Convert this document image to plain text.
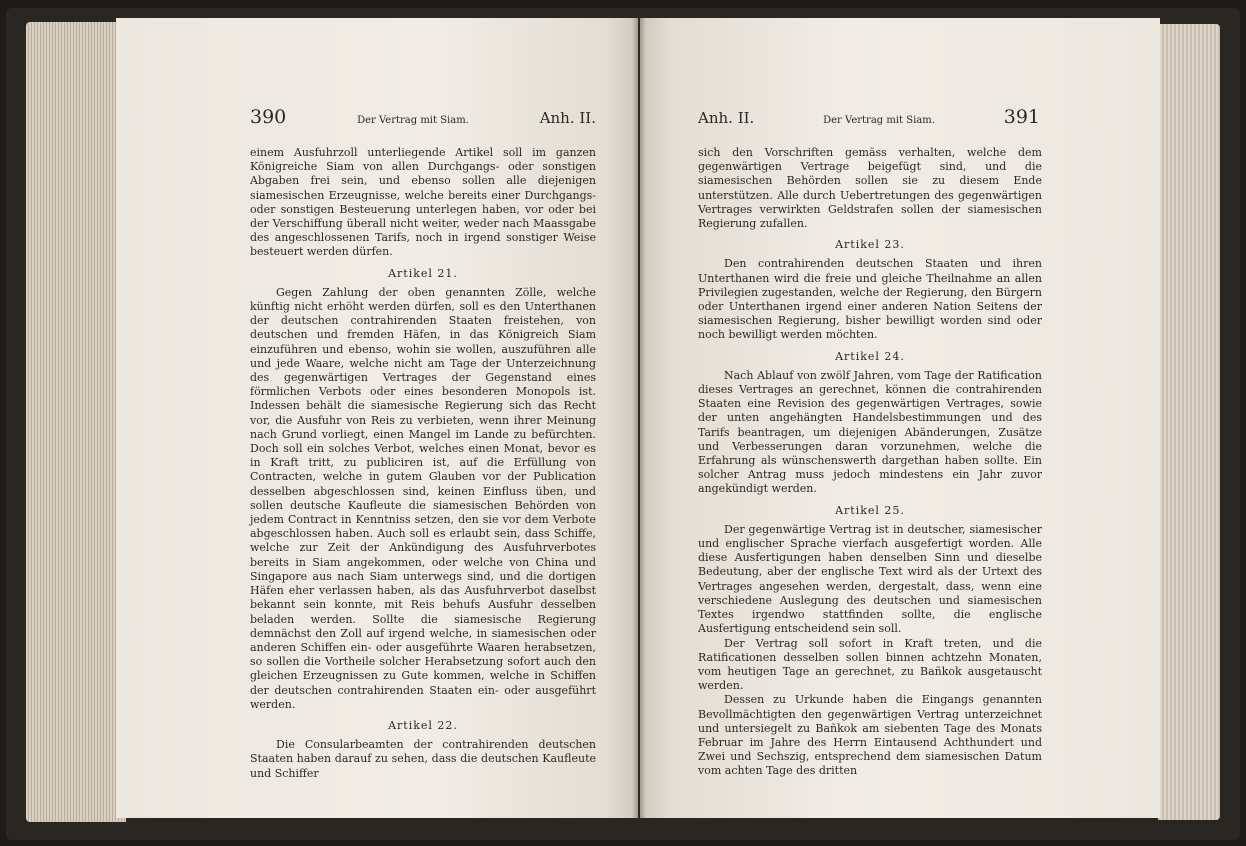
390	Der Vertrag mit Siam.	Anh. II.

einem Ausfuhrzoll unterliegende Artikel soll im ganzen Königreiche Siam von allen Durchgangs- oder sonstigen Abgaben frei sein, und ebenso sollen alle diejenigen siamesischen Erzeugnisse, welche bereits einer Durchgangs- oder sonstigen Besteuerung unterlegen haben, vor oder bei der Verschiffung überall nicht weiter, weder nach Maassgabe des angeschlossenen Tarifs, noch in irgend sonstiger Weise besteuert werden dürfen.

Artikel 21.

Gegen Zahlung der oben genannten Zölle, welche künftig nicht erhöht werden dürfen, soll es den Unterthanen der deutschen contrahirenden Staaten freistehen, von deutschen und fremden Häfen, in das Königreich Siam einzuführen und ebenso, wohin sie wollen, auszuführen alle und jede Waare, welche nicht am Tage der Unterzeichnung des gegenwärtigen Vertrages der Gegenstand eines förmlichen Verbots oder eines besonderen Monopols ist. Indessen behält die siamesische Regierung sich das Recht vor, die Ausfuhr von Reis zu verbieten, wenn ihrer Meinung nach Grund vorliegt, einen Mangel im Lande zu befürchten. Doch soll ein solches Verbot, welches einen Monat, bevor es in Kraft tritt, zu publiciren ist, auf die Erfüllung von Contracten, welche in gutem Glauben vor der Publication desselben abgeschlossen sind, keinen Einfluss üben, und sollen deutsche Kaufleute die siamesischen Behörden von jedem Contract in Kenntniss setzen, den sie vor dem Verbote abgeschlossen haben. Auch soll es erlaubt sein, dass Schiffe, welche zur Zeit der Ankündigung des Ausfuhrverbotes bereits in Siam angekommen, oder welche von China und Singapore aus nach Siam unterwegs sind, und die dortigen Häfen eher verlassen haben, als das Ausfuhrverbot daselbst bekannt sein konnte, mit Reis behufs Ausfuhr desselben beladen werden. Sollte die siamesische Regierung demnächst den Zoll auf irgend welche, in siamesischen oder anderen Schiffen ein- oder ausgeführte Waaren herabsetzen, so sollen die Vortheile solcher Herabsetzung sofort auch den gleichen Erzeugnissen zu Gute kommen, welche in Schiffen der deutschen contrahirenden Staaten ein- oder ausgeführt werden.

Artikel 22.

Die Consularbeamten der contrahirenden deutschen Staaten haben darauf zu sehen, dass die deutschen Kaufleute und Schiffer

Anh. II.	Der Vertrag mit Siam.	391

sich den Vorschriften gemäss verhalten, welche dem gegenwärtigen Vertrage beigefügt sind, und die siamesischen Behörden sollen sie zu diesem Ende unterstützen. Alle durch Uebertretungen des gegenwärtigen Vertrages verwirkten Geldstrafen sollen der siamesischen Regierung zufallen.

Artikel 23.

Den contrahirenden deutschen Staaten und ihren Unterthanen wird die freie und gleiche Theilnahme an allen Privilegien zugestanden, welche der Regierung, den Bürgern oder Unterthanen irgend einer anderen Nation Seitens der siamesischen Regierung, bisher bewilligt worden sind oder noch bewilligt werden möchten.

Artikel 24.

Nach Ablauf von zwölf Jahren, vom Tage der Ratification dieses Vertrages an gerechnet, können die contrahirenden Staaten eine Revision des gegenwärtigen Vertrages, sowie der unten angehängten Handelsbestimmungen und des Tarifs beantragen, um diejenigen Abänderungen, Zusätze und Verbesserungen daran vorzunehmen, welche die Erfahrung als wünschenswerth dargethan haben sollte. Ein solcher Antrag muss jedoch mindestens ein Jahr zuvor angekündigt werden.

Artikel 25.

Der gegenwärtige Vertrag ist in deutscher, siamesischer und englischer Sprache vierfach ausgefertigt worden. Alle diese Ausfertigungen haben denselben Sinn und dieselbe Bedeutung, aber der englische Text wird als der Urtext des Vertrages angesehen werden, dergestalt, dass, wenn eine verschiedene Auslegung des deutschen und siamesischen Textes irgendwo stattfinden sollte, die englische Ausfertigung entscheidend sein soll.

Der Vertrag soll sofort in Kraft treten, und die Ratificationen desselben sollen binnen achtzehn Monaten, vom heutigen Tage an gerechnet, zu Bañkok ausgetauscht werden.

Dessen zu Urkunde haben die Eingangs genannten Bevollmächtigten den gegenwärtigen Vertrag unterzeichnet und untersiegelt zu Bañkok am siebenten Tage des Monats Februar im Jahre des Herrn Eintausend Achthundert und Zwei und Sechszig, entsprechend dem siamesischen Datum vom achten Tage des dritten
